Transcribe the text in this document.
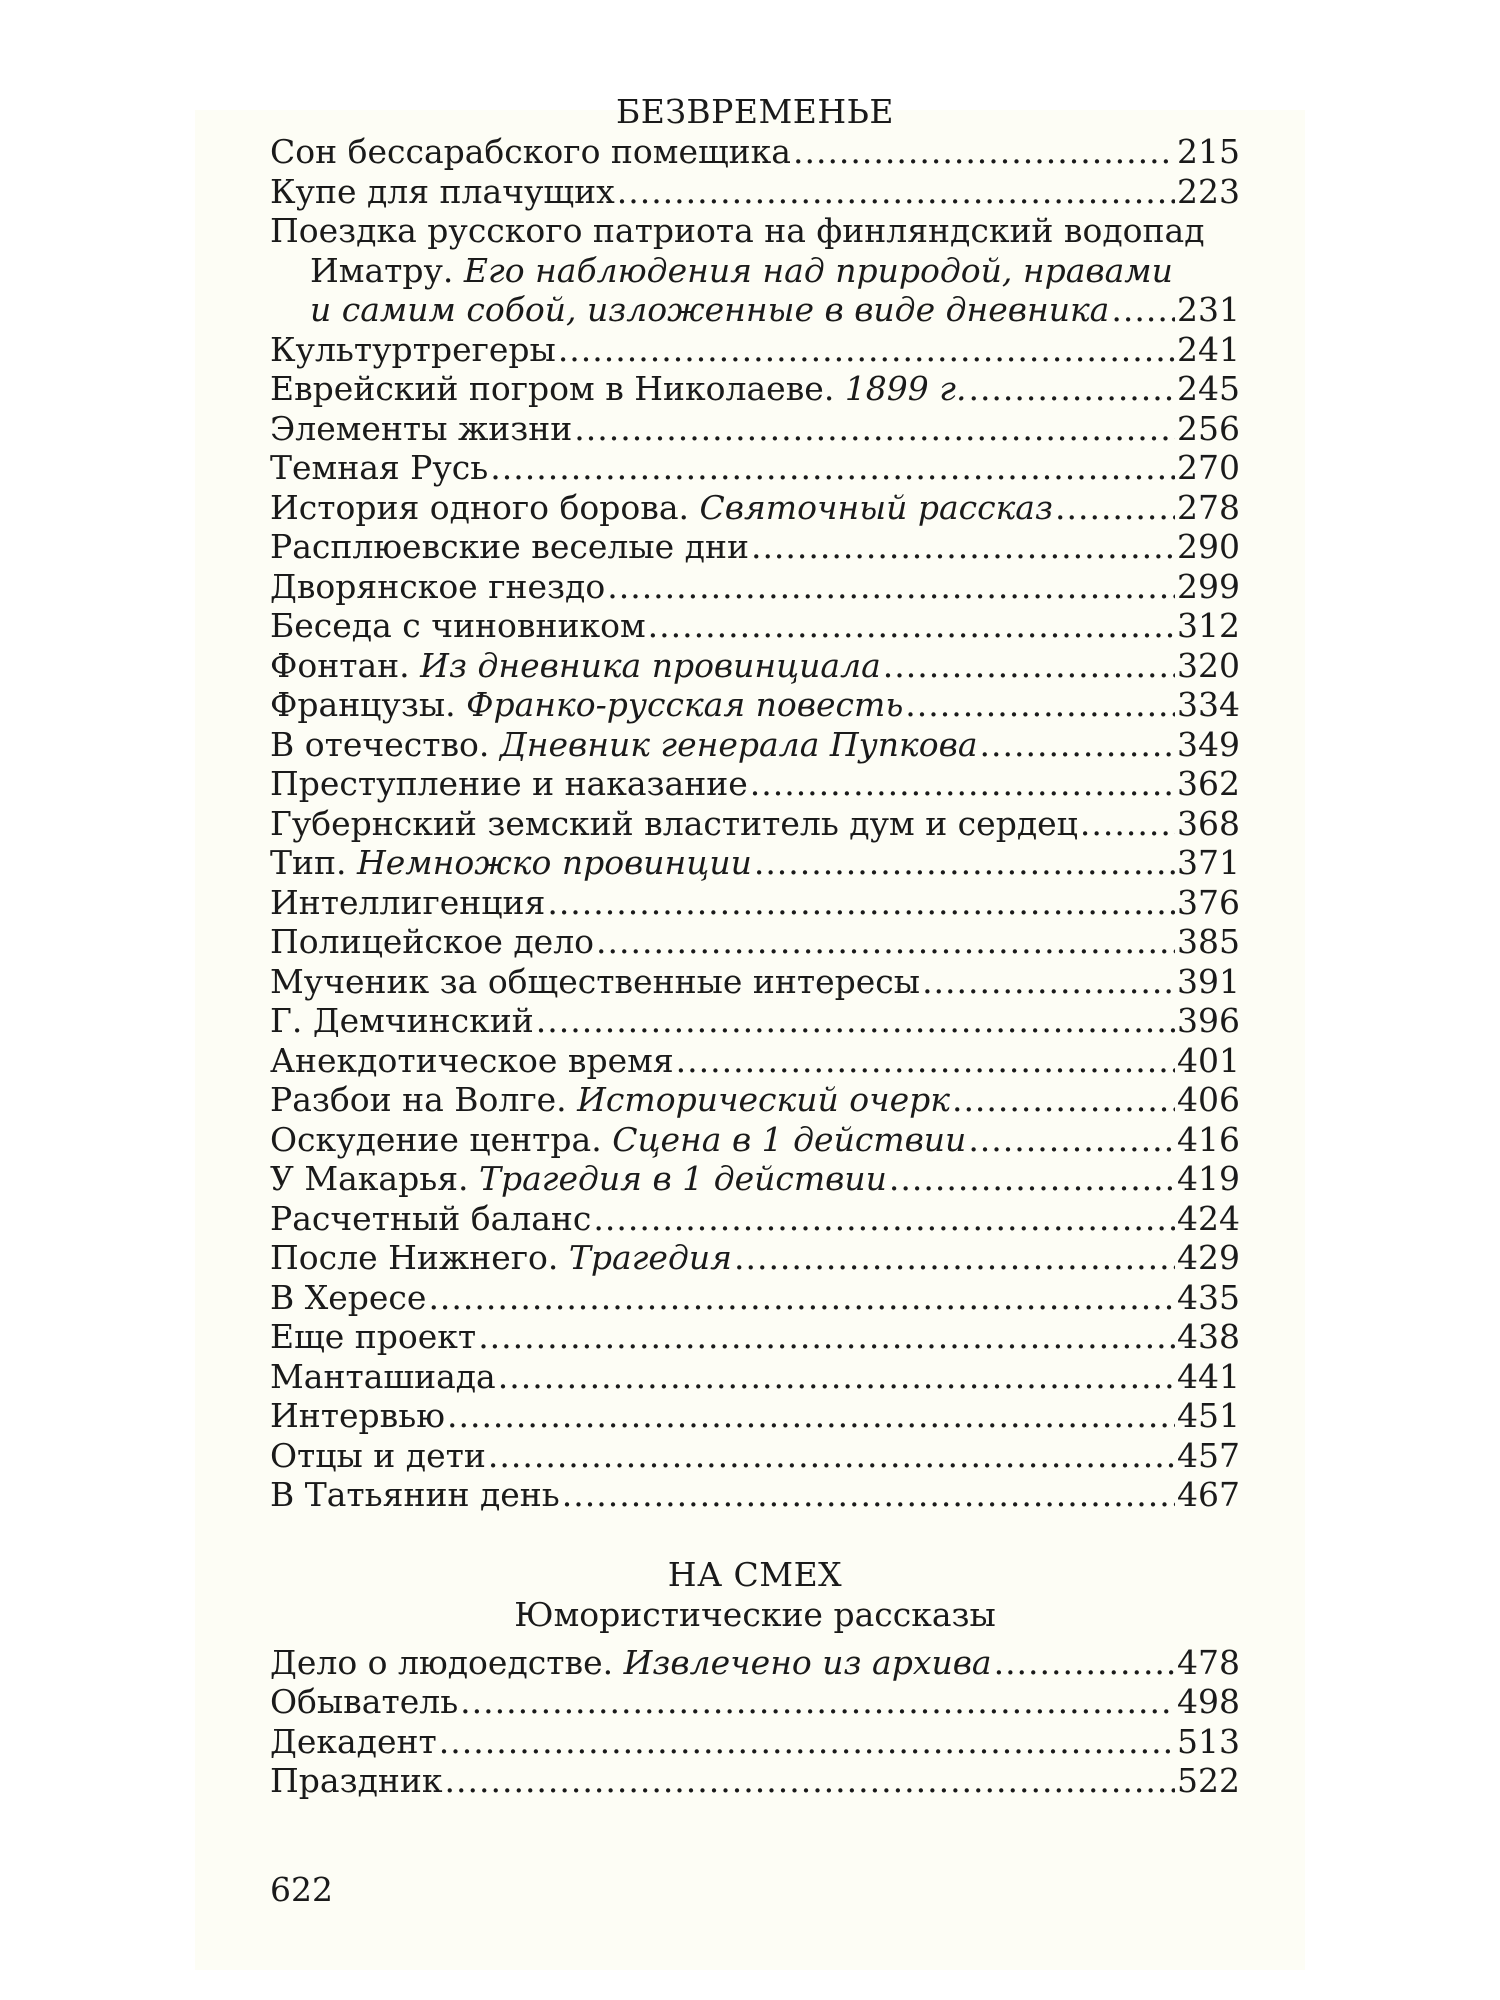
БЕЗВРЕМЕНЬЕ
Сон бессарабского помещика .....	215
Купе для плачущих .....	223
Поездка русского патриота на финляндский водопад
Иматру. Его наблюдения над природой, нравами
и самим собой, изложенные в виде дневника ..... 231
Культуртрегеры .....	241
Еврейский погром в Николаеве. 1899 г. .....	245
Элементы жизни .....	256
Темная Русь .....	270
История одного борова. Святочный рассказ .....	278
Расплюевские веселые дни .....	290
Дворянское гнездо .....	299
Беседа с чиновником .....	312
Фонтан. Из дневника провинциала .....	320
Французы. Франко-русская повесть .....	334
В отечество. Дневник генерала Пупкова .....	349
Преступление и наказание .....	362
Губернский земский властитель дум и сердец .....	368
Тип. Немножко провинции .....	371
Интеллигенция .....	376
Полицейское дело .....	385
Мученик за общественные интересы .....	391
Г. Демчинский .....	396
Анекдотическое время .....	401
Разбои на Волге. Исторический очерк .....	406
Оскудение центра. Сцена в 1 действии .....	416
У Макарья. Трагедия в 1 действии .....	419
Расчетный баланс .....	424
После Нижнего. Трагедия .....	429
В Хересе .....	435
Еще проект .....	438
Манташиада .....	441
Интервью .....	451
Отцы и дети .....	457
В Татьянин день .....	467
НА СМЕХ
Юмористические рассказы
Дело о людоедстве. Извлечено из архива .....	478
Обыватель .....	498
Декадент .....	513
Праздник .....	522
622
